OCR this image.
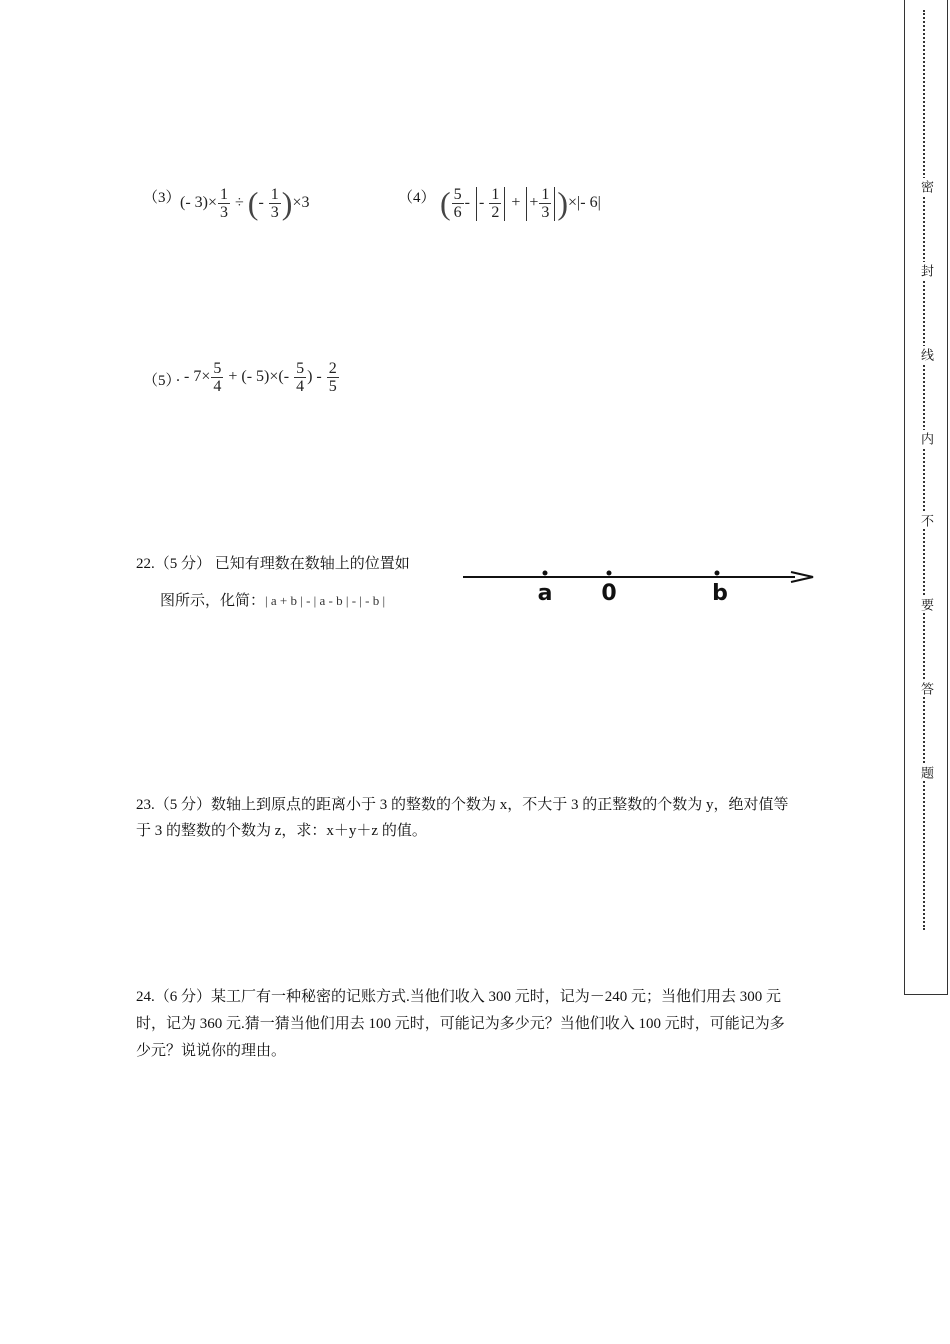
（3） (- $3)\times \frac{1}{3}$ ÷ (- $\frac{1}{3} )\times 3$	（4） ( $\frac{5}{6}$ - - $\frac{1}{2}$ + + $\frac{1}{3}$ )×|- 6|
（5）
. - $7\times \frac{5}{4}$ + (- $5)\times(- \frac{5}{4}$ ) - $\frac{2}{5}$
22.（5 分） 已知有理数在数轴上的位置如
图所示，化简：| a + b | - | a - b | - | - b |	a 0	b
23.（5 分）数轴上到原点的距离小于 3 的整数的个数为 x，不大于 3 的正整数的个数为 y，绝对值等
于 3 的整数的个数为 z，求：x＋y＋z 的值。
24.（6 分）某工厂有一种秘密的记账方式.当他们收入 300 元时，记为－240 元；当他们用去 300 元
时，记为 360 元.猜一猜当他们用去 100 元时，可能记为多少元？当他们收入 100 元时，可能记为多
少元？说说你的理由。
密
封
线
内
不
要
答
题
